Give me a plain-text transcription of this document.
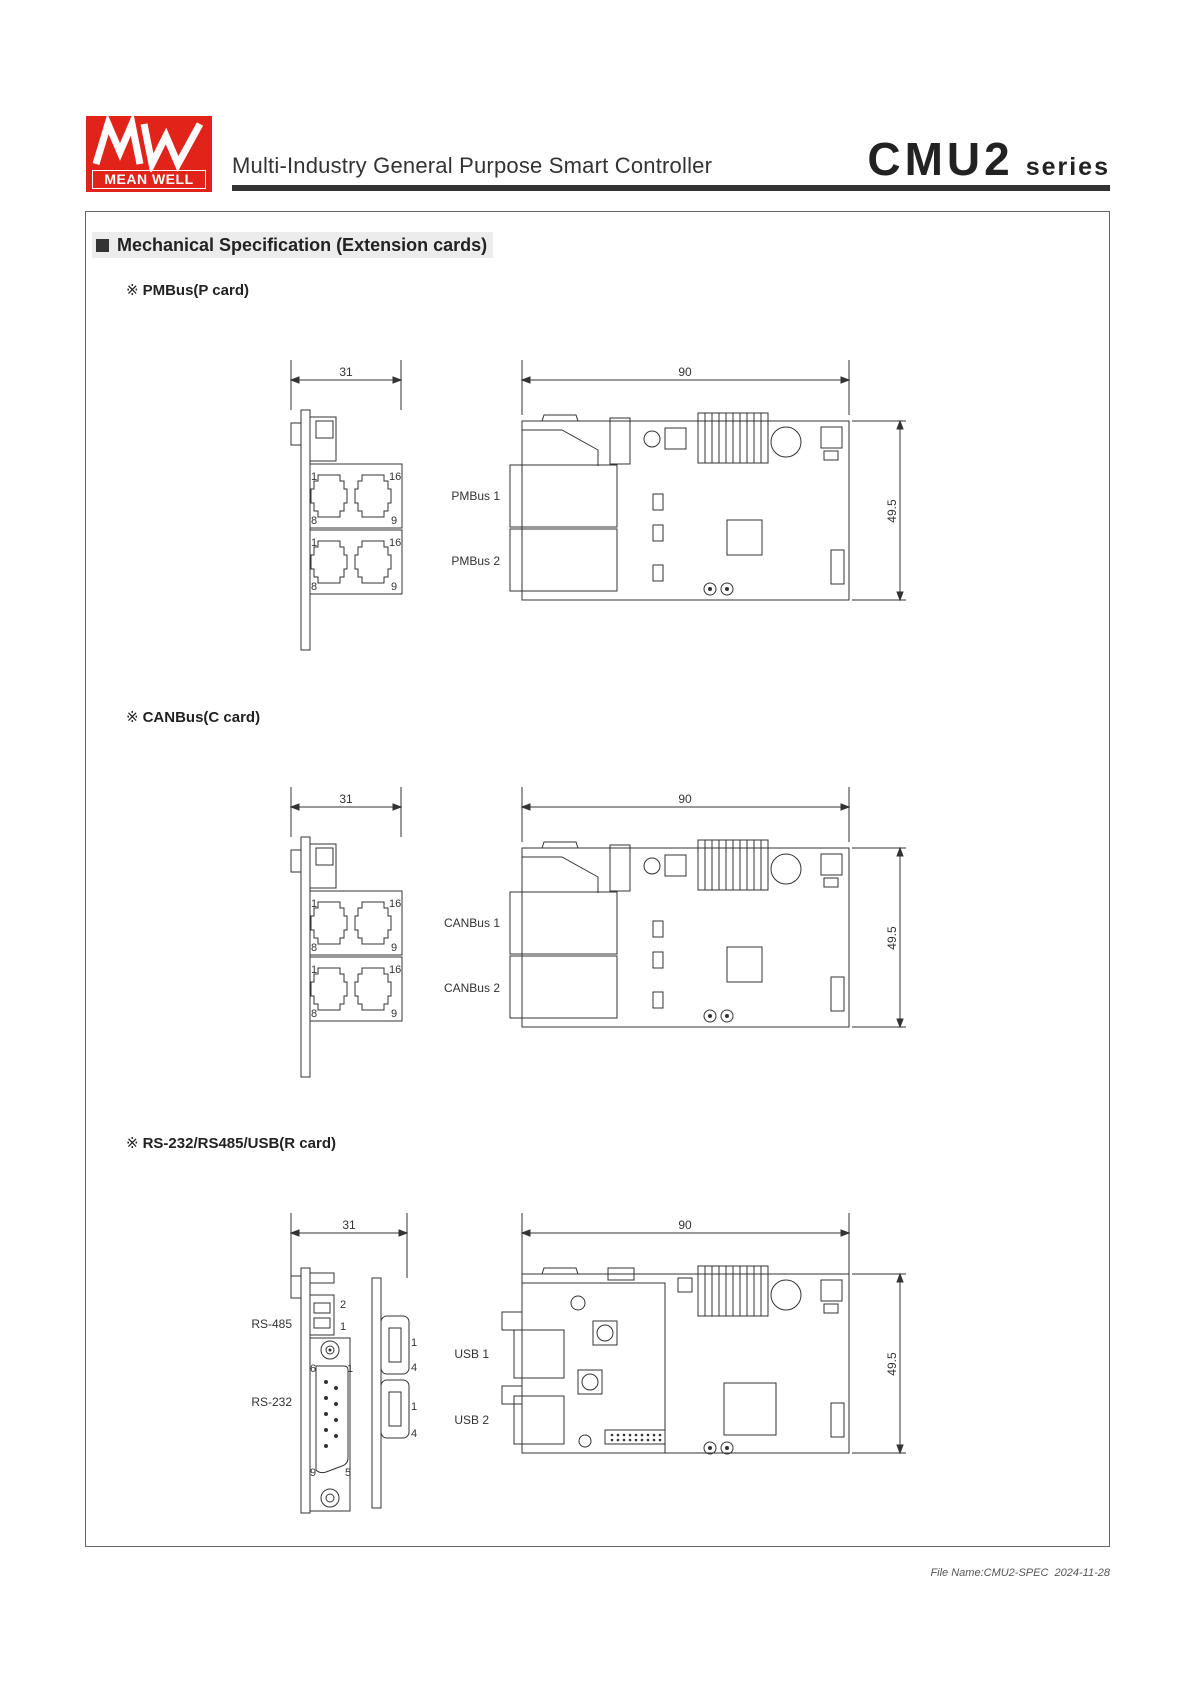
MEAN WELL
Multi-Industry General Purpose Smart Controller	CMU2 series
Mechanical Specification (Extension cards)
※ PMBus(P card)
31	90
49.5
1	16
8	9
1	16
8	9
PMBus 1
PMBus 2
※ CANBus(C card)
31	90
49.5
1	16
8	9
1	16
8	9
CANBus 1
CANBus 2
※ RS-232/RS485/USB(R card)
31	90
49.5
RS-485
RS-232
2
1
6	1
9	5
1
4
1
4
USB 1
USB 2
File Name:CMU2-SPEC 2024-11-28
